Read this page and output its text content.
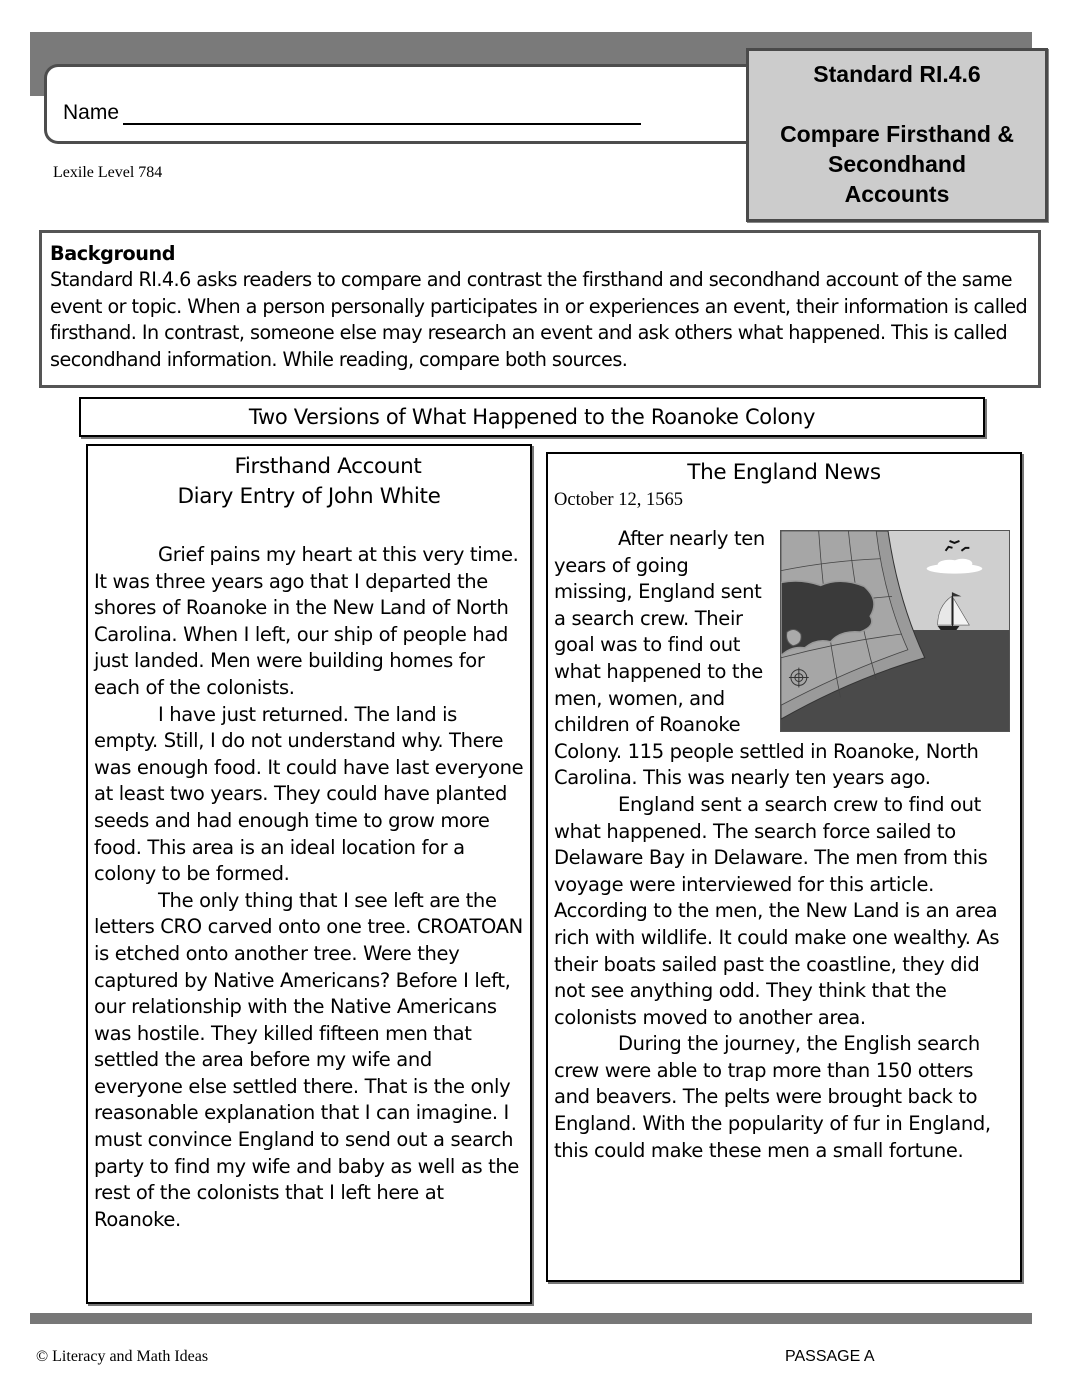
Name
Lexile Level 784
Standard RI.4.6
Compare Firsthand &
Secondhand
Accounts
Background
Standard RI.4.6 asks readers to compare and contrast the firsthand and secondhand account of the same event or topic. When a person personally participates in or experiences an event, their information is called firsthand. In contrast, someone else may research an event and ask others what happened. This is called secondhand information. While reading, compare both sources.
Two Versions of What Happened to the Roanoke Colony
Firsthand Account
Diary Entry of John White

Grief pains my heart at this very time. It was three years ago that I departed the shores of Roanoke in the New Land of North Carolina. When I left, our ship of people had just landed. Men were building homes for each of the colonists.

I have just returned. The land is empty. Still, I do not understand why. There was enough food. It could have last everyone at least two years. They could have planted seeds and had enough time to grow more food. This area is an ideal location for a colony to be formed.

The only thing that I see left are the letters CRO carved onto one tree. CROATOAN is etched onto another tree. Were they captured by Native Americans? Before I left, our relationship with the Native Americans was hostile. They killed fifteen men that settled the area before my wife and everyone else settled there. That is the only reasonable explanation that I can imagine. I must convince England to send out a search party to find my wife and baby as well as the rest of the colonists that I left here at Roanoke.

The England News
October 12, 1565

After nearly ten years of going missing, England sent a search crew. Their goal was to find out what happened to the men, women, and children of Roanoke Colony. 115 people settled in Roanoke, North Carolina. This was nearly ten years ago.

England sent a search crew to find out what happened. The search force sailed to Delaware Bay in Delaware. The men from this voyage were interviewed for this article. According to the men, the New Land is an area rich with wildlife. It could make one wealthy. As their boats sailed past the coastline, they did not see anything odd. They think that the colonists moved to another area.

During the journey, the English search crew were able to trap more than 150 otters and beavers. The pelts were brought back to England. With the popularity of fur in England, this could make these men a small fortune.

© Literacy and Math Ideas	PASSAGE A
